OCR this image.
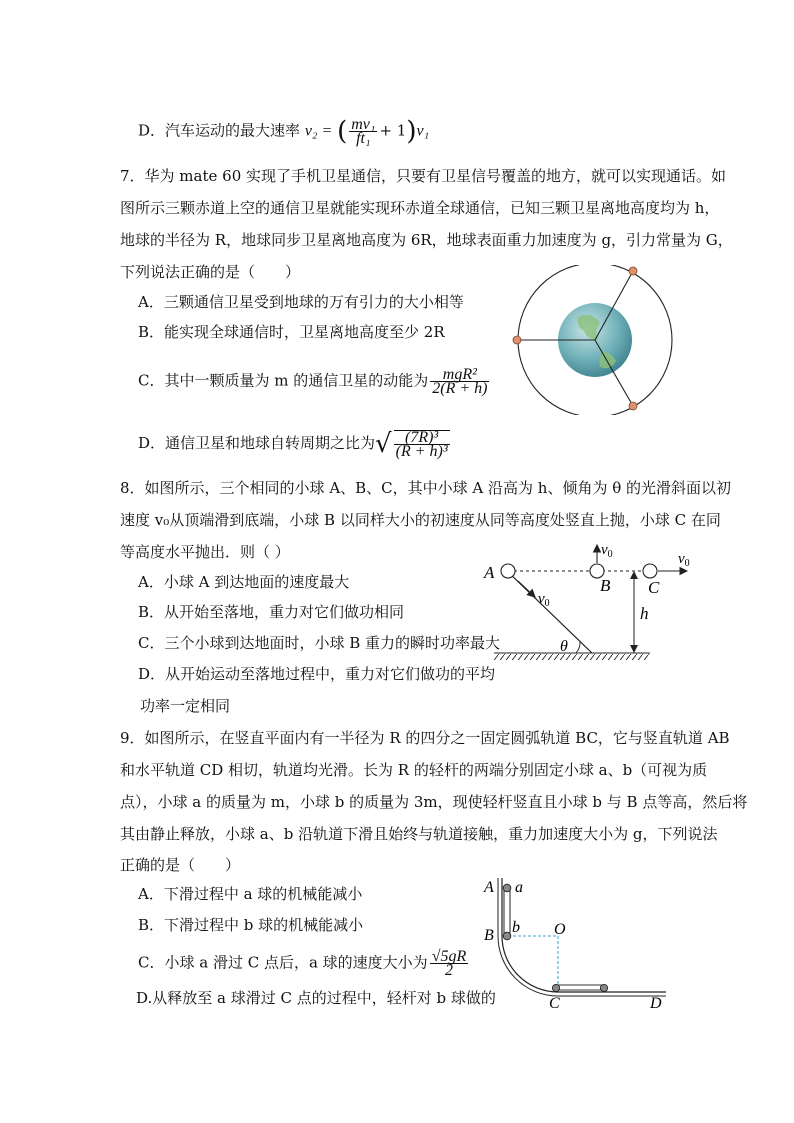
D．汽车运动的最大速率 v₂ = ( $\frac{\text{mv₁}}{\text{ft₁}} + 1)v_1$
7．华为 mate 60 实现了手机卫星通信，只要有卫星信号覆盖的地方，就可以实现通话。如
图所示三颗赤道上空的通信卫星就能实现环赤道全球通信，已知三颗卫星离地高度均为 h，
地球的半径为 R，地球同步卫星离地高度为 6R，地球表面重力加速度为 g，引力常量为 G，
下列说法正确的是（　　）
A．三颗通信卫星受到地球的万有引力的大小相等
B．能实现全球通信时，卫星离地高度至少 2R
C．其中一颗质量为 m 的通信卫星的动能为 $\frac{\text{mgR²}}{2(R + h)}$
D．通信卫星和地球自转周期之比为√ $\frac{\text{(7R)³}}{\text{(R + h)³}}$
8．如图所示，三个相同的小球 A、B、C，其中小球 A 沿高为 h、倾角为 θ 的光滑斜面以初
速度 v₀从顶端滑到底端，小球 B 以同样大小的初速度从同等高度处竖直上抛，小球 C 在同
等高度水平抛出．则（ ）
A．小球 A 到达地面的速度最大
B．从开始至落地，重力对它们做功相同
C．三个小球到达地面时，小球 B 重力的瞬时功率最大
D．从开始运动至落地过程中，重力对它们做功的平均
功率一定相同
θ
$v_0$
$v_0$	$v_0$
h
A
B C
9．如图所示，在竖直平面内有一半径为 R 的四分之一固定圆弧轨道 BC，它与竖直轨道 AB
和水平轨道 CD 相切，轨道均光滑。长为 R 的轻杆的两端分别固定小球 a、b（可视为质
点），小球 a 的质量为 m，小球 b 的质量为 3m，现使轻杆竖直且小球 b 与 B 点等高，然后将
其由静止释放，小球 a、b 沿轨道下滑且始终与轨道接触，重力加速度大小为 g，下列说法
正确的是（　　）
A．下滑过程中 a 球的机械能减小
B．下滑过程中 b 球的机械能减小
C．小球 a 滑过 C 点后，a 球的速度大小为 $\frac{√5gR}{2}$
D.从释放至 a 球滑过 C 点的过程中，轻杆对 b 球做的
A a
B b O
C	D
